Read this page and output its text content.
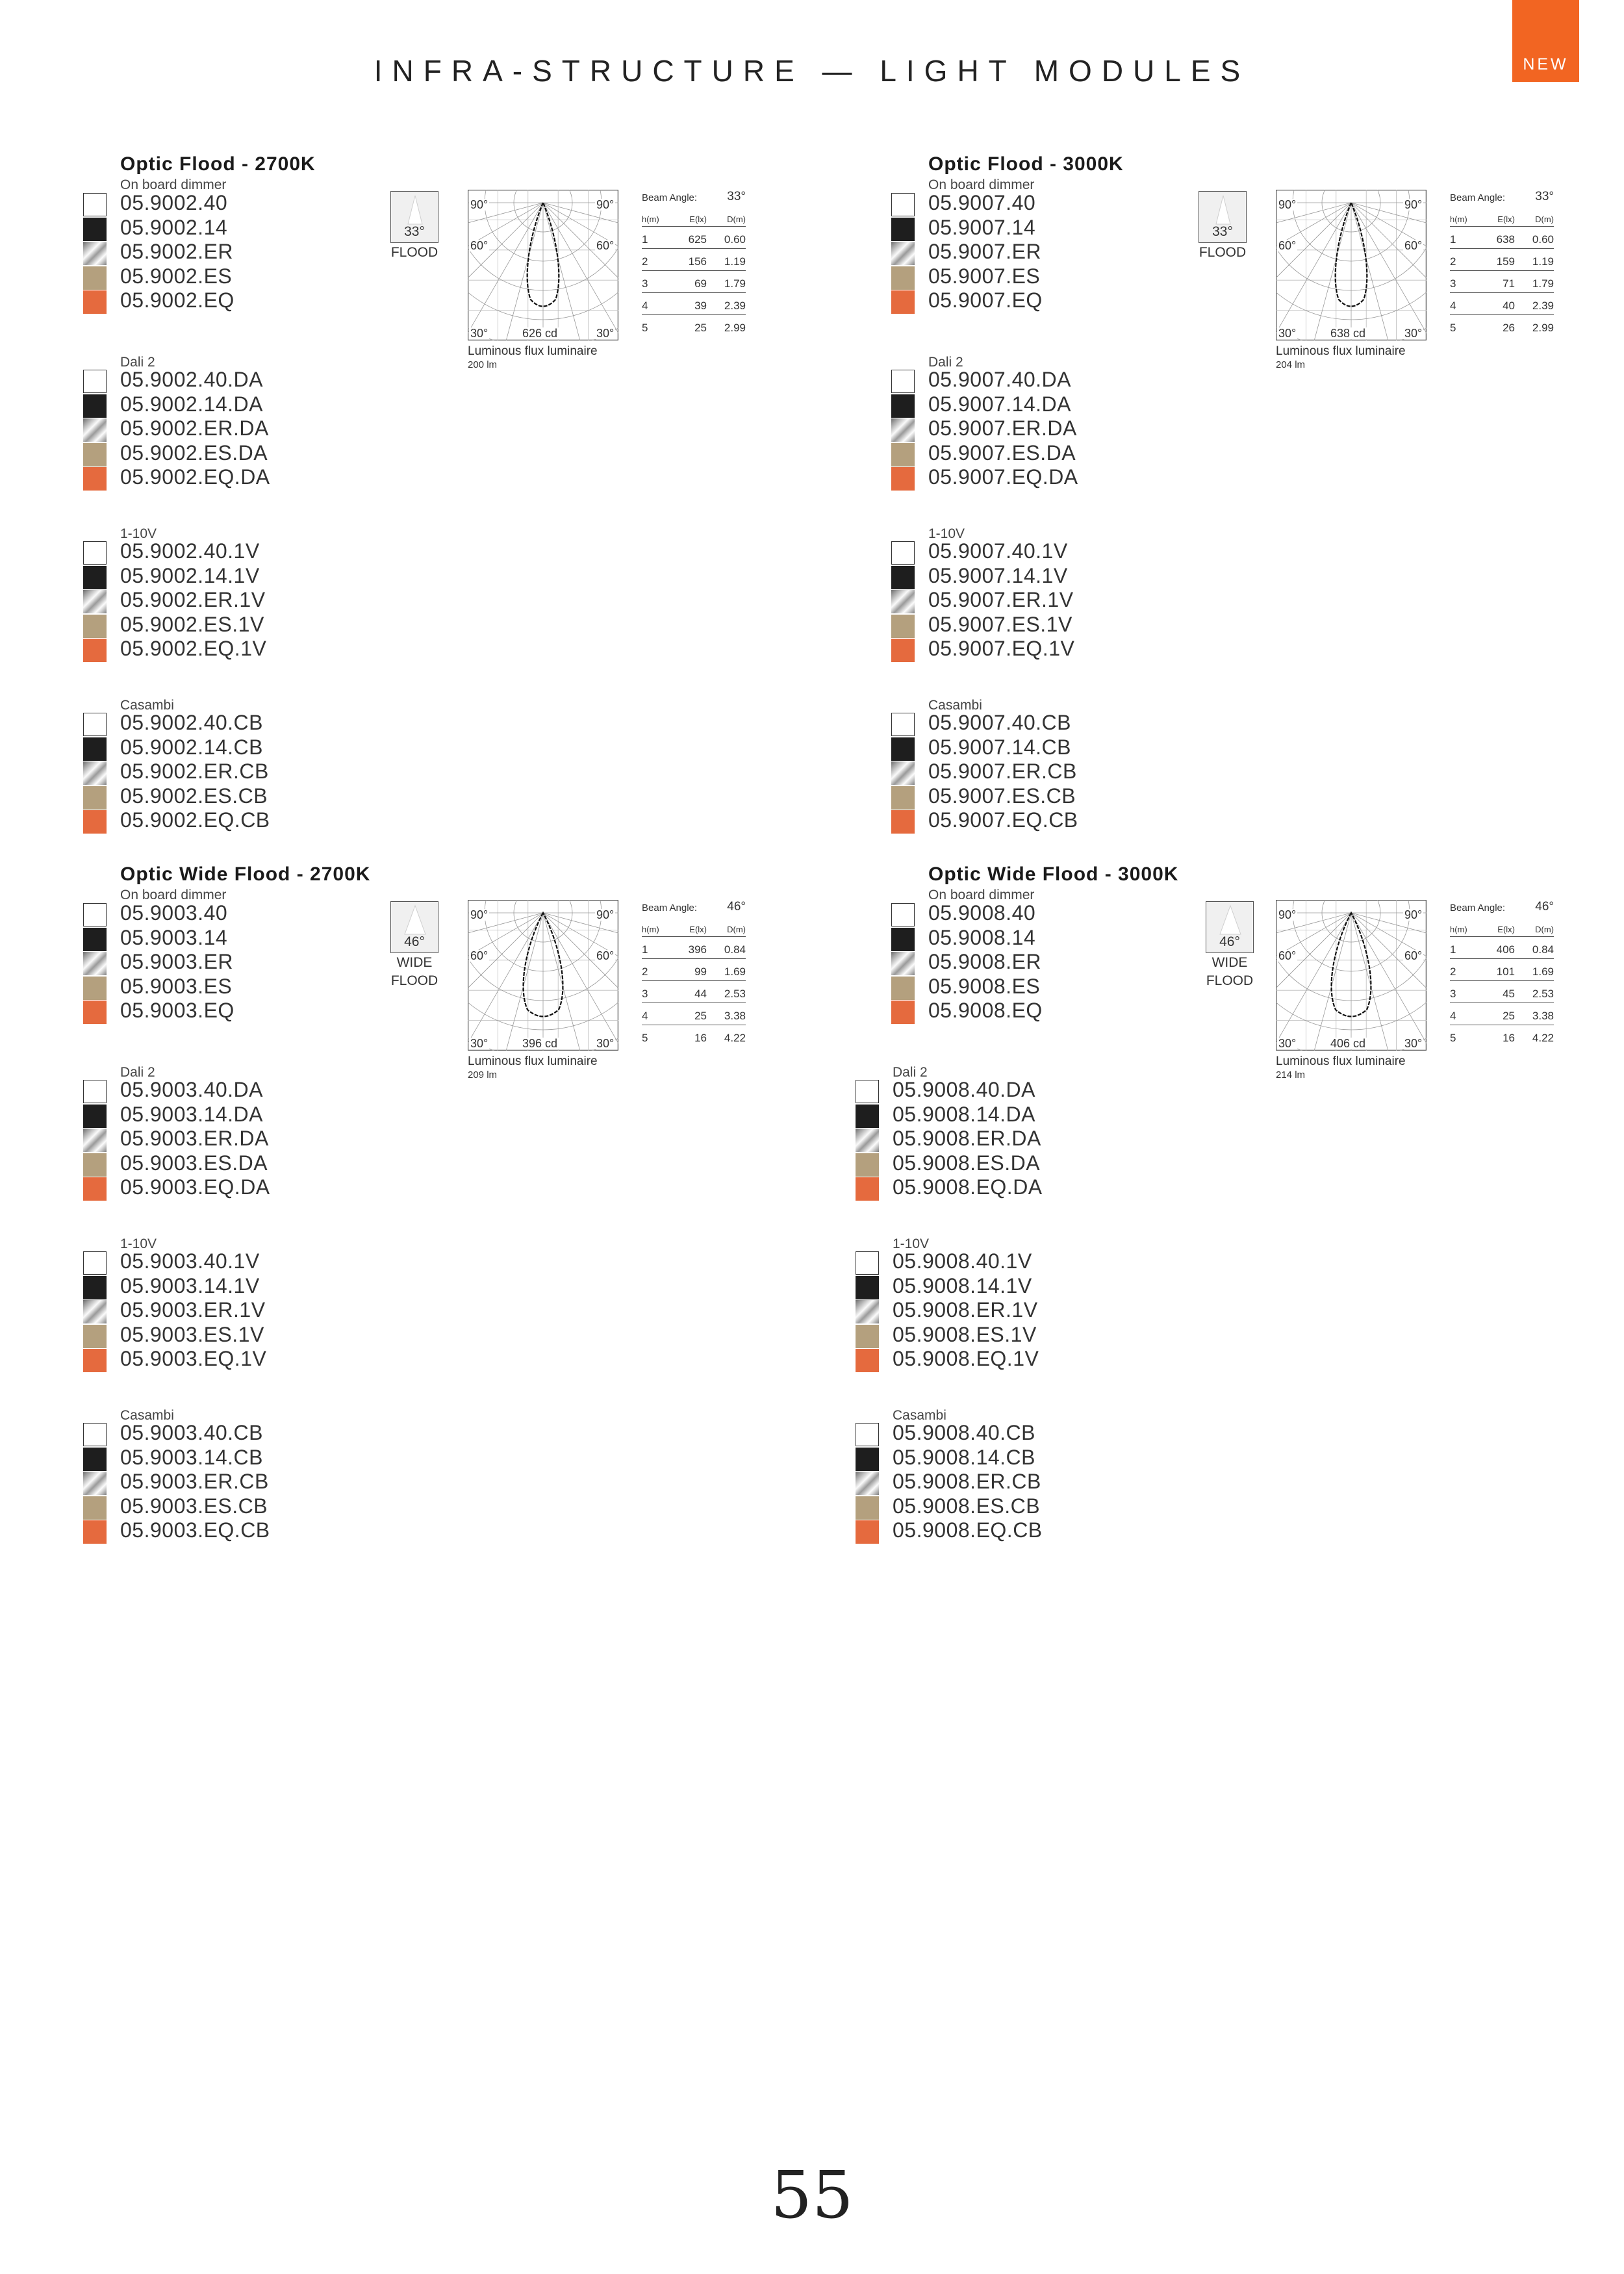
INFRA-STRUCTURE — LIGHT MODULES	NEW
Optic Flood - 2700K
On board dimmer
05.9002.40
05.9002.14
05.9002.ER
05.9002.ES
05.9002.EQ
Dali 2
05.9002.40.DA
05.9002.14.DA
05.9002.ER.DA
05.9002.ES.DA
05.9002.EQ.DA
1-10V
05.9002.40.1V
05.9002.14.1V
05.9002.ER.1V
05.9002.ES.1V
05.9002.EQ.1V
Casambi
05.9002.40.CB
05.9002.14.CB
05.9002.ER.CB
05.9002.ES.CB
05.9002.EQ.CB
33°
FLOOD
90°	90°
60°	60°
30°	30°
626 cd
Luminous flux luminaire
200 lm
Beam Angle: 33°
h(m)	E(lx) D(m)
1	625 0.60
2	156 1.19
3	69 1.79
4	39 2.39
5	25 2.99
Optic Flood - 3000K
On board dimmer
05.9007.40
05.9007.14
05.9007.ER
05.9007.ES
05.9007.EQ
Dali 2
05.9007.40.DA
05.9007.14.DA
05.9007.ER.DA
05.9007.ES.DA
05.9007.EQ.DA
1-10V
05.9007.40.1V
05.9007.14.1V
05.9007.ER.1V
05.9007.ES.1V
05.9007.EQ.1V
Casambi
05.9007.40.CB
05.9007.14.CB
05.9007.ER.CB
05.9007.ES.CB
05.9007.EQ.CB
33°
FLOOD
90°	90°
60°	60°
30°	30°
638 cd
Luminous flux luminaire
204 lm
Beam Angle: 33°
h(m)	E(lx) D(m)
1	638 0.60
2	159 1.19
3	71 1.79
4	40 2.39
5	26 2.99
Optic Wide Flood - 2700K
On board dimmer
05.9003.40
05.9003.14
05.9003.ER
05.9003.ES
05.9003.EQ
Dali 2
05.9003.40.DA
05.9003.14.DA
05.9003.ER.DA
05.9003.ES.DA
05.9003.EQ.DA
1-10V
05.9003.40.1V
05.9003.14.1V
05.9003.ER.1V
05.9003.ES.1V
05.9003.EQ.1V
Casambi
05.9003.40.CB
05.9003.14.CB
05.9003.ER.CB
05.9003.ES.CB
05.9003.EQ.CB
46°
WIDE
FLOOD
90°	90°
60°	60°
30°	30°
396 cd
Luminous flux luminaire
209 lm
Beam Angle: 46°
h(m)	E(lx) D(m)
1	396 0.84
2	99 1.69
3	44 2.53
4	25 3.38
5	16 4.22
Optic Wide Flood - 3000K
On board dimmer
05.9008.40
05.9008.14
05.9008.ER
05.9008.ES
05.9008.EQ
Dali 2
05.9008.40.DA
05.9008.14.DA
05.9008.ER.DA
05.9008.ES.DA
05.9008.EQ.DA
1-10V
05.9008.40.1V
05.9008.14.1V
05.9008.ER.1V
05.9008.ES.1V
05.9008.EQ.1V
Casambi
05.9008.40.CB
05.9008.14.CB
05.9008.ER.CB
05.9008.ES.CB
05.9008.EQ.CB
46°
WIDE
FLOOD
90°	90°
60°	60°
30°	30°
406 cd
Luminous flux luminaire
214 lm
Beam Angle: 46°
h(m)	E(lx) D(m)
1	406 0.84
2	101 1.69
3	45 2.53
4	25 3.38
5	16 4.22
55
